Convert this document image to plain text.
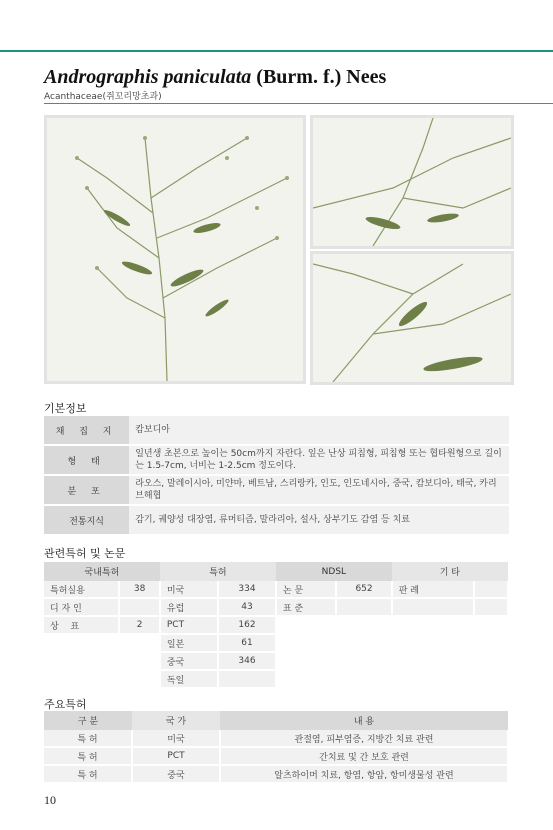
Andrographis paniculata (Burm. f.) Nees
Acanthaceae(쥐꼬리망초과)
기본정보
채 집 지	캄보디아
형 태	일년생 초본으로 높이는 50cm까지 자란다. 잎은 난상 피침형, 피침형 또는 협타원형으로 길이는 1.5-7cm, 너비는 1-2.5cm 정도이다.
분 포	라오스, 말레이시아, 미얀마, 베트남, 스리랑카, 인도, 인도네시아, 중국, 캄보디아, 태국, 카리브해협
전통지식	감기, 궤양성 대장염, 류머티즘, 말라리아, 설사, 상부기도 감염 등 치료
관련특허 및 논문
국내특허		특허		NDSL		기 타	
특허실용	38	미국	334	논 문	652	판 례	
디 자 인		유럽	43	표 준			
상　 표	2	PCT	162				
		일본	61				
		중국	346				
		독일					
주요특허
구 분	국 가	내 용
특 허	미국	관절염, 피부염증, 지방간 치료 관련
특 허	PCT	간치료 및 간 보호 관련
특 허	중국	알츠하이머 치료, 항염, 항암, 항미생물성 관련
10
